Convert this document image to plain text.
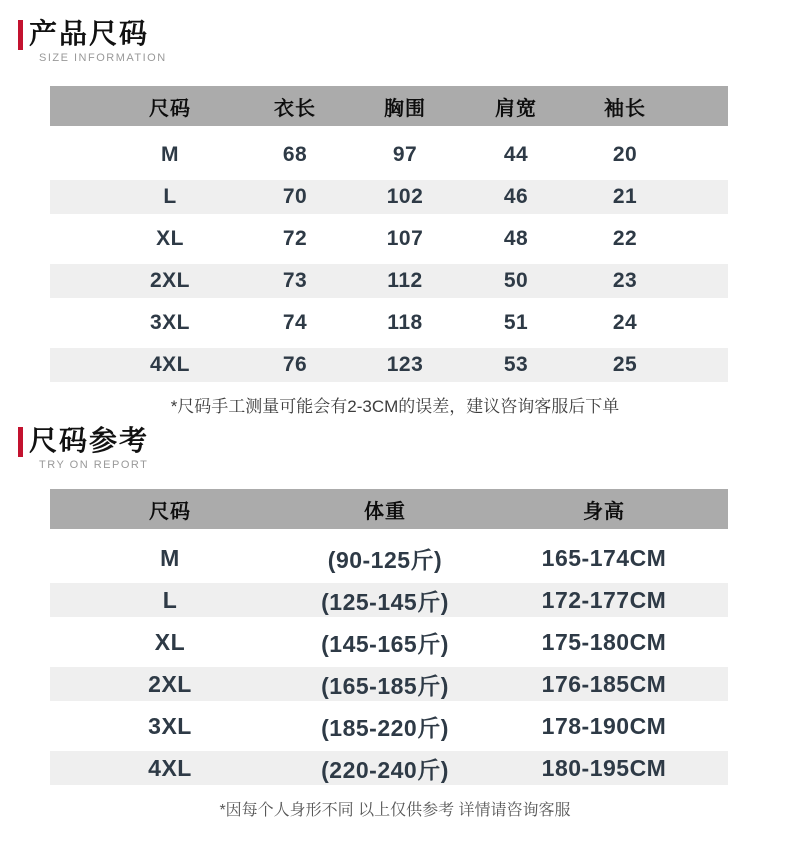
产品尺码
SIZE INFORMATION
尺码	衣长	胸围	肩宽	袖长
M	68	97	44	20
L	70	102	46	21
XL	72	107	48	22
2XL	73	112	50	23
3XL	74	118	51	24
4XL	76	123	53	25

*尺码手工测量可能会有2-3CM的误差，建议咨询客服后下单

尺码参考
TRY ON REPORT
尺码	体重	身高
M	(90-125斤)	165-174CM
L	(125-145斤)	172-177CM
XL	(145-165斤)	175-180CM
2XL	(165-185斤)	176-185CM
3XL	(185-220斤)	178-190CM
4XL	(220-240斤)	180-195CM

*因每个人身形不同 以上仅供参考 详情请咨询客服
